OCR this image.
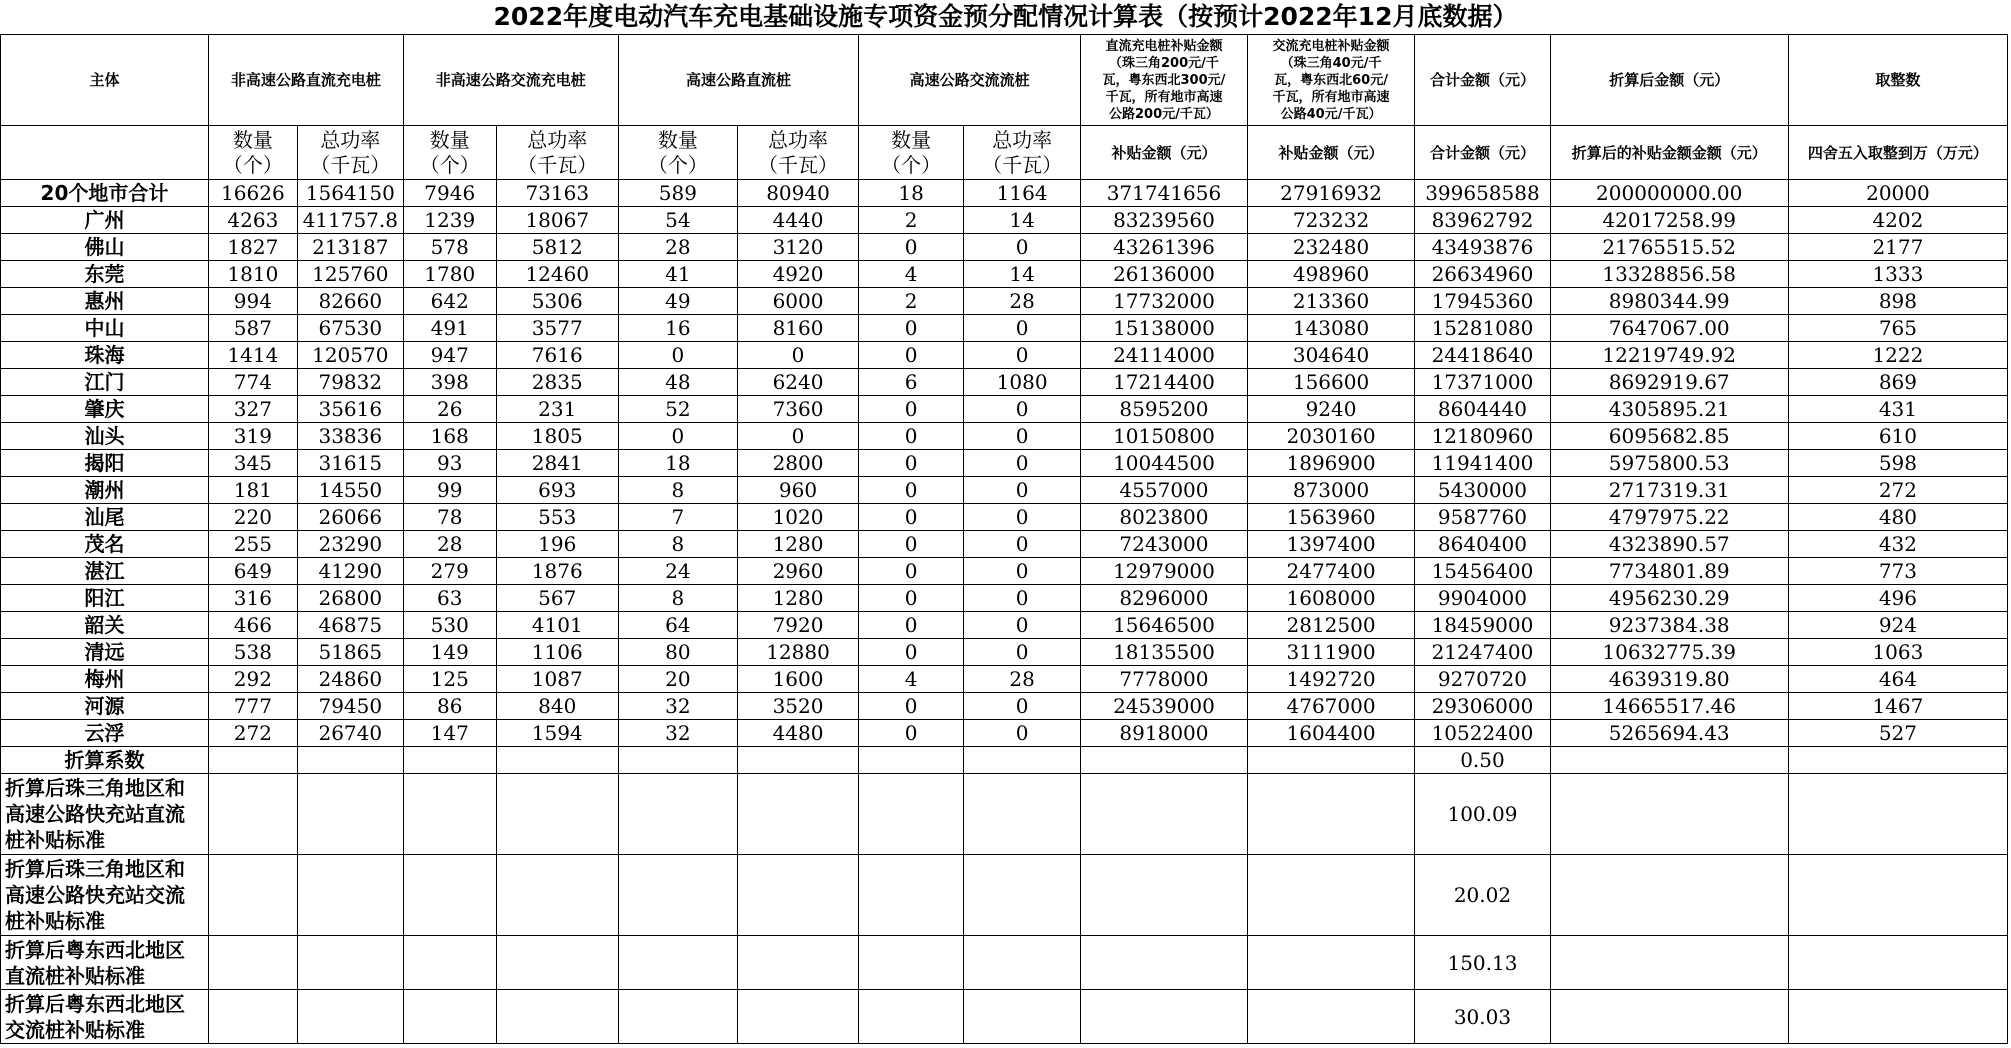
2022年度电动汽车充电基础设施专项资金预分配情况计算表（按预计2022年12月底数据）
主体	非高速公路直流充电桩		非高速公路交流充电桩		高速公路直流桩		高速公路交流流桩		直流充电桩补贴金额
（珠三角200元/千
瓦，粤东西北300元/
千瓦，所有地市高速
公路200元/千瓦）	交流充电桩补贴金额
（珠三角40元/千
瓦，粤东西北60元/
千瓦，所有地市高速
公路40元/千瓦）	合计金额（元）	折算后金额（元）	取整数

	数量
（个）	总功率
（千瓦）	数量
（个）	总功率
（千瓦）	数量
（个）	总功率
（千瓦）	数量
（个）	总功率
（千瓦）	补贴金额（元）	补贴金额（元）	合计金额（元）	折算后的补贴金额金额（元）	四舍五入取整到万（万元）
20个地市合计	16626	1564150	7946	73163	589	80940	18	1164	371741656	27916932	399658588	200000000.00	20000
广州	4263	411757.8	1239	18067	54	4440	2	14	83239560	723232	83962792	42017258.99	4202
佛山	1827	213187	578	5812	28	3120	0	0	43261396	232480	43493876	21765515.52	2177
东莞	1810	125760	1780	12460	41	4920	4	14	26136000	498960	26634960	13328856.58	1333
惠州	994	82660	642	5306	49	6000	2	28	17732000	213360	17945360	8980344.99	898
中山	587	67530	491	3577	16	8160	0	0	15138000	143080	15281080	7647067.00	765
珠海	1414	120570	947	7616	0	0	0	0	24114000	304640	24418640	12219749.92	1222
江门	774	79832	398	2835	48	6240	6	1080	17214400	156600	17371000	8692919.67	869
肇庆	327	35616	26	231	52	7360	0	0	8595200	9240	8604440	4305895.21	431
汕头	319	33836	168	1805	0	0	0	0	10150800	2030160	12180960	6095682.85	610
揭阳	345	31615	93	2841	18	2800	0	0	10044500	1896900	11941400	5975800.53	598
潮州	181	14550	99	693	8	960	0	0	4557000	873000	5430000	2717319.31	272
汕尾	220	26066	78	553	7	1020	0	0	8023800	1563960	9587760	4797975.22	480
茂名	255	23290	28	196	8	1280	0	0	7243000	1397400	8640400	4323890.57	432
湛江	649	41290	279	1876	24	2960	0	0	12979000	2477400	15456400	7734801.89	773
阳江	316	26800	63	567	8	1280	0	0	8296000	1608000	9904000	4956230.29	496
韶关	466	46875	530	4101	64	7920	0	0	15646500	2812500	18459000	9237384.38	924
清远	538	51865	149	1106	80	12880	0	0	18135500	3111900	21247400	10632775.39	1063
梅州	292	24860	125	1087	20	1600	4	28	7778000	1492720	9270720	4639319.80	464
河源	777	79450	86	840	32	3520	0	0	24539000	4767000	29306000	14665517.46	1467
云浮	272	26740	147	1594	32	4480	0	0	8918000	1604400	10522400	5265694.43	527
折算系数											0.50		
折算后珠三角地区和
高速公路快充站直流
桩补贴标准											100.09		
折算后珠三角地区和
高速公路快充站交流
桩补贴标准											20.02		
折算后粤东西北地区
直流桩补贴标准											150.13		
折算后粤东西北地区
交流桩补贴标准											30.03		
